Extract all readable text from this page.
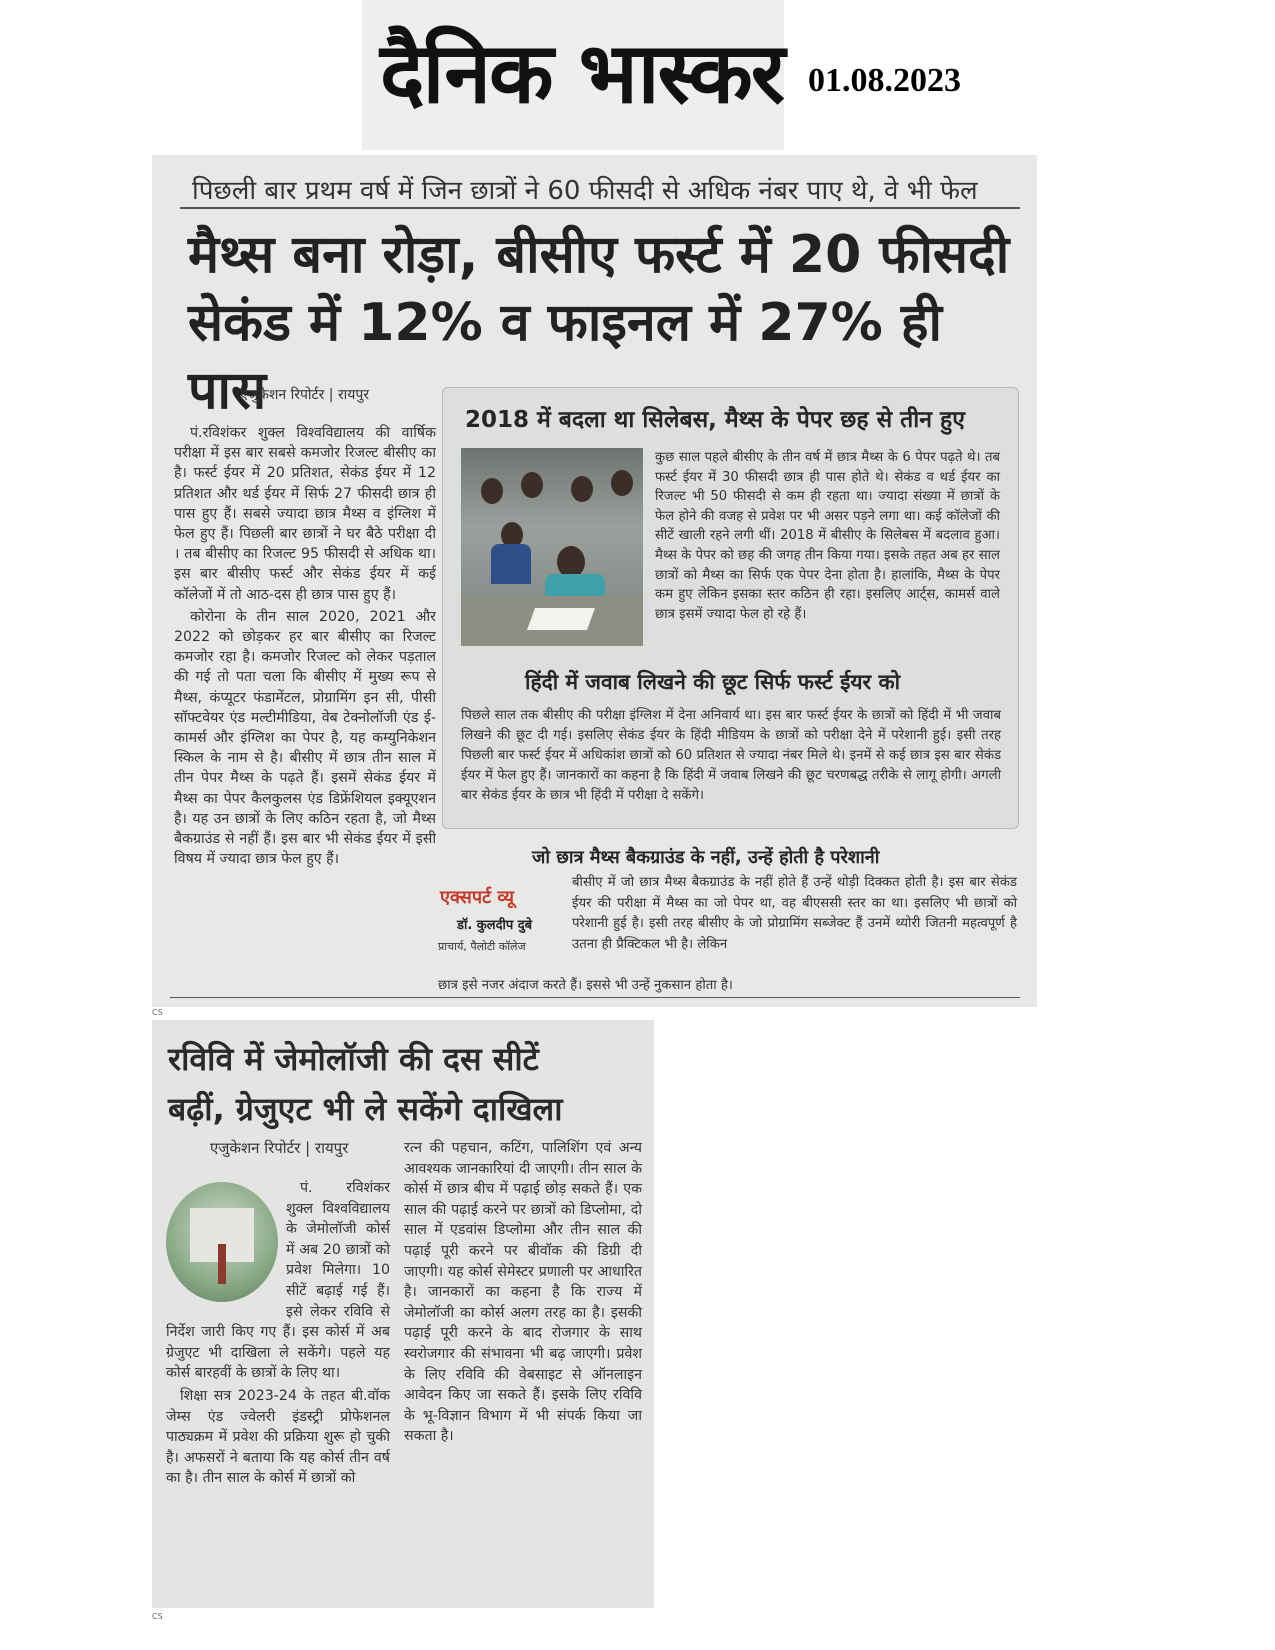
दैनिक भास्कर 01.08.2023
पिछली बार प्रथम वर्ष में जिन छात्रों ने 60 फीसदी से अधिक नंबर पाए थे, वे भी फेल
मैथ्स बना रोड़ा, बीसीए फर्स्ट में 20 फीसदी
सेकंड में 12% व फाइनल में 27% ही पास
एजुकेशन रिपोर्टर | रायपुर

पं.रविशंकर शुक्ल विश्वविद्यालय की वार्षिक परीक्षा में इस बार सबसे कमजोर रिजल्ट बीसीए का है। फर्स्ट ईयर में 20 प्रतिशत, सेकंड ईयर में 12 प्रतिशत और थर्ड ईयर में सिर्फ 27 फीसदी छात्र ही पास हुए हैं। सबसे ज्यादा छात्र मैथ्स व इंग्लिश में फेल हुए हैं। पिछली बार छात्रों ने घर बैठे परीक्षा दी । तब बीसीए का रिजल्ट 95 फीसदी से अधिक था। इस बार बीसीए फर्स्ट और सेकंड ईयर में कई कॉलेजों में तो आठ-दस ही छात्र पास हुए हैं।

कोरोना के तीन साल 2020, 2021 और 2022 को छोड़कर हर बार बीसीए का रिजल्ट कमजोर रहा है। कमजोर रिजल्ट को लेकर पड़ताल की गई तो पता चला कि बीसीए में मुख्य रूप से मैथ्स, कंप्यूटर फंडामेंटल, प्रोग्रामिंग इन सी, पीसी सॉफ्टवेयर एंड मल्टीमीडिया, वेब टेक्नोलॉजी एंड ई-कामर्स और इंग्लिश का पेपर है, यह कम्युनिकेशन स्किल के नाम से है। बीसीए में छात्र तीन साल में तीन पेपर मैथ्स के पढ़ते हैं। इसमें सेकंड ईयर में मैथ्स का पेपर कैलकुलस एंड डिफ्रेंशियल इक्यूएशन है। यह उन छात्रों के लिए कठिन रहता है, जो मैथ्स बैकग्राउंड से नहीं हैं। इस बार भी सेकंड ईयर में इसी विषय में ज्यादा छात्र फेल हुए हैं।

2018 में बदला था सिलेबस, मैथ्स के पेपर छह से तीन हुए
कुछ साल पहले बीसीए के तीन वर्ष में छात्र मैथ्स के 6 पेपर पढ़ते थे। तब फर्स्ट ईयर में 30 फीसदी छात्र ही पास होते थे। सेकंड व थर्ड ईयर का रिजल्ट भी 50 फीसदी से कम ही रहता था। ज्यादा संख्या में छात्रों के फेल होने की वजह से प्रवेश पर भी असर पड़ने लगा था। कई कॉलेजों की सीटें खाली रहने लगी थीं। 2018 में बीसीए के सिलेबस में बदलाव हुआ। मैथ्स के पेपर को छह की जगह तीन किया गया। इसके तहत अब हर साल छात्रों को मैथ्स का सिर्फ एक पेपर देना होता है। हालांकि, मैथ्स के पेपर कम हुए लेकिन इसका स्तर कठिन ही रहा। इसलिए आर्ट्स, कामर्स वाले छात्र इसमें ज्यादा फेल हो रहे हैं।
हिंदी में जवाब लिखने की छूट सिर्फ फर्स्ट ईयर को
पिछले साल तक बीसीए की परीक्षा इंग्लिश में देना अनिवार्य था। इस बार फर्स्ट ईयर के छात्रों को हिंदी में भी जवाब लिखने की छूट दी गई। इसलिए सेकंड ईयर के हिंदी मीडियम के छात्रों को परीक्षा देने में परेशानी हुई। इसी तरह पिछली बार फर्स्ट ईयर में अधिकांश छात्रों को 60 प्रतिशत से ज्यादा नंबर मिले थे। इनमें से कई छात्र इस बार सेकंड ईयर में फेल हुए हैं। जानकारों का कहना है कि हिंदी में जवाब लिखने की छूट चरणबद्ध तरीके से लागू होगी। अगली बार सेकंड ईयर के छात्र भी हिंदी में परीक्षा दे सकेंगे।
जो छात्र मैथ्स बैकग्राउंड के नहीं, उन्हें होती है परेशानी
एक्सपर्ट व्यू
डॉ. कुलदीप दुबे
प्राचार्य, पैलोटी कॉलेज
बीसीए में जो छात्र मैथ्स बैकग्राउंड के नहीं होते हैं उन्हें थोड़ी दिक्कत होती है। इस बार सेकंड ईयर की परीक्षा में मैथ्स का जो पेपर था, वह बीएससी स्तर का था। इसलिए भी छात्रों को परेशानी हुई है। इसी तरह बीसीए के जो प्रोग्रामिंग सब्जेक्ट हैं उनमें थ्योरी जितनी महत्वपूर्ण है उतना ही प्रैक्टिकल भी है। लेकिन
छात्र इसे नजर अंदाज करते हैं। इससे भी उन्हें नुकसान होता है।
CS
रविवि में जेमोलॉजी की दस सीटें
बढ़ीं, ग्रेजुएट भी ले सकेंगे दाखिला
एजुकेशन रिपोर्टर | रायपुर

पं. रविशंकर शुक्ल विश्वविद्यालय के जेमोलॉजी कोर्स में अब 20 छात्रों को प्रवेश मिलेगा। 10 सीटें बढ़ाई गई हैं। इसे लेकर रविवि से निर्देश जारी किए गए हैं। इस कोर्स में अब ग्रेजुएट भी दाखिला ले सकेंगे। पहले यह कोर्स बारहवीं के छात्रों के लिए था।

शिक्षा सत्र 2023-24 के तहत बी.वॉक जेम्स एंड ज्वेलरी इंडस्ट्री प्रोफेशनल पाठ्यक्रम में प्रवेश की प्रक्रिया शुरू हो चुकी है। अफसरों ने बताया कि यह कोर्स तीन वर्ष का है। तीन साल के कोर्स में छात्रों को

रत्न की पहचान, कटिंग, पालिशिंग एवं अन्य आवश्यक जानकारियां दी जाएगी। तीन साल के कोर्स में छात्र बीच में पढ़ाई छोड़ सकते हैं। एक साल की पढ़ाई करने पर छात्रों को डिप्लोमा, दो साल में एडवांस डिप्लोमा और तीन साल की पढ़ाई पूरी करने पर बीवॉक की डिग्री दी जाएगी। यह कोर्स सेमेस्टर प्रणाली पर आधारित है। जानकारों का कहना है कि राज्य में जेमोलॉजी का कोर्स अलग तरह का है। इसकी पढ़ाई पूरी करने के बाद रोजगार के साथ स्वरोजगार की संभावना भी बढ़ जाएगी। प्रवेश के लिए रविवि की वेबसाइट से ऑनलाइन आवेदन किए जा सकते हैं। इसके लिए रविवि के भू-विज्ञान विभाग में भी संपर्क किया जा सकता है।
CS
